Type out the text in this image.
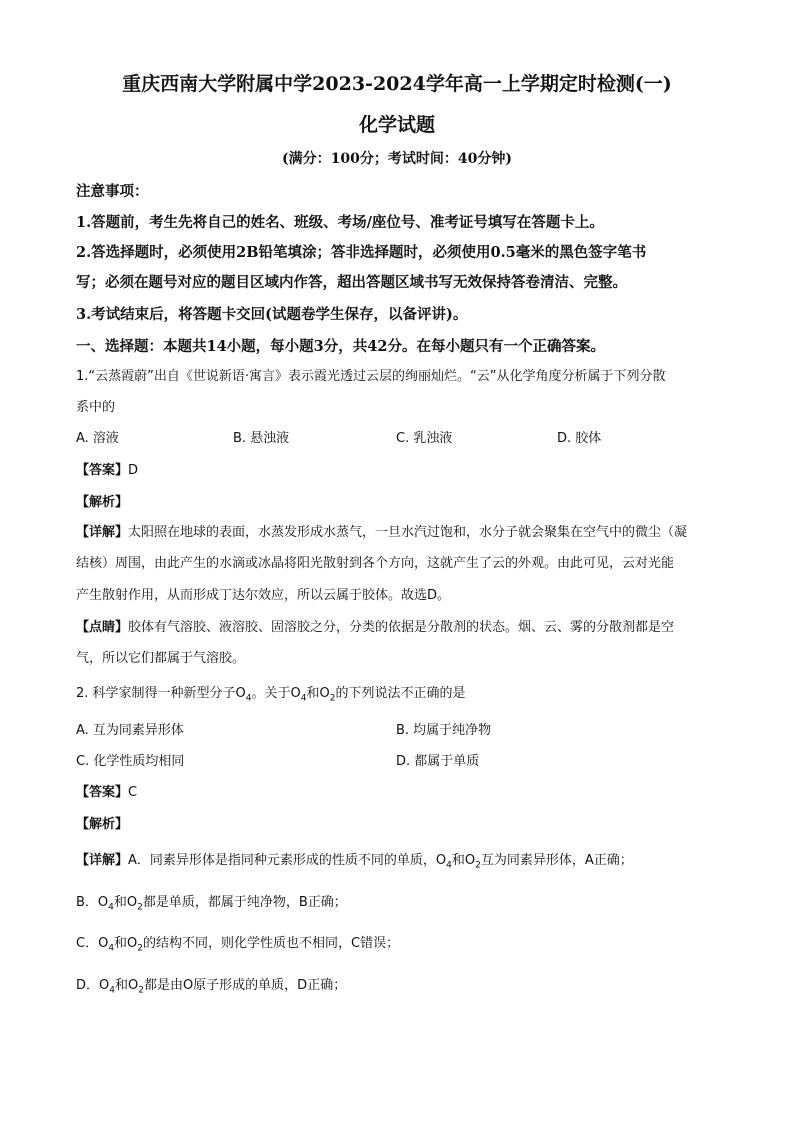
重庆西南大学附属中学2023-2024学年高一上学期定时检测(一)
化学试题
(满分：100分；考试时间：40分钟)
注意事项：
1.答题前，考生先将自己的姓名、班级、考场/座位号、准考证号填写在答题卡上。
2.答选择题时，必须使用2B铅笔填涂；答非选择题时，必须使用0.5毫米的黑色签字笔书
写；必须在题号对应的题目区域内作答，超出答题区域书写无效保持答卷清洁、完整。
3.考试结束后，将答题卡交回(试题卷学生保存，以备评讲)。
一、选择题：本题共14小题，每小题3分，共42分。在每小题只有一个正确答案。
1.“云蒸霞蔚”出自《世说新语·寓言》表示霞光透过云层的绚丽灿烂。“云”从化学角度分析属于下列分散
系中的
A. 溶液	B. 悬浊液	C. 乳浊液	D. 胶体
【答案】D
【解析】
【详解】太阳照在地球的表面，水蒸发形成水蒸气，一旦水汽过饱和，水分子就会聚集在空气中的微尘（凝
结核）周围，由此产生的水滴或冰晶将阳光散射到各个方向，这就产生了云的外观。由此可见，云对光能
产生散射作用，从而形成丁达尔效应，所以云属于胶体。故选D。
【点睛】胶体有气溶胶、液溶胶、固溶胶之分，分类的依据是分散剂的状态。烟、云、雾的分散剂都是空
气，所以它们都属于气溶胶。
2. 科学家制得一种新型分子$O_4$。关于$O_4$和$O_2$的下列说法不正确的是
A. 互为同素异形体	B. 均属于纯净物
C. 化学性质均相同	D. 都属于单质
【答案】C
【解析】
【详解】A．同素异形体是指同种元素形成的性质不同的单质，$O_4$和$O_2$互为同素异形体，A正确；
B．$O_4$和$O_2$都是单质，都属于纯净物，B正确；
C．$O_4$和$O_2$的结构不同，则化学性质也不相同，C错误；
D．$O_4$和$O_2$都是由O原子形成的单质，D正确；
